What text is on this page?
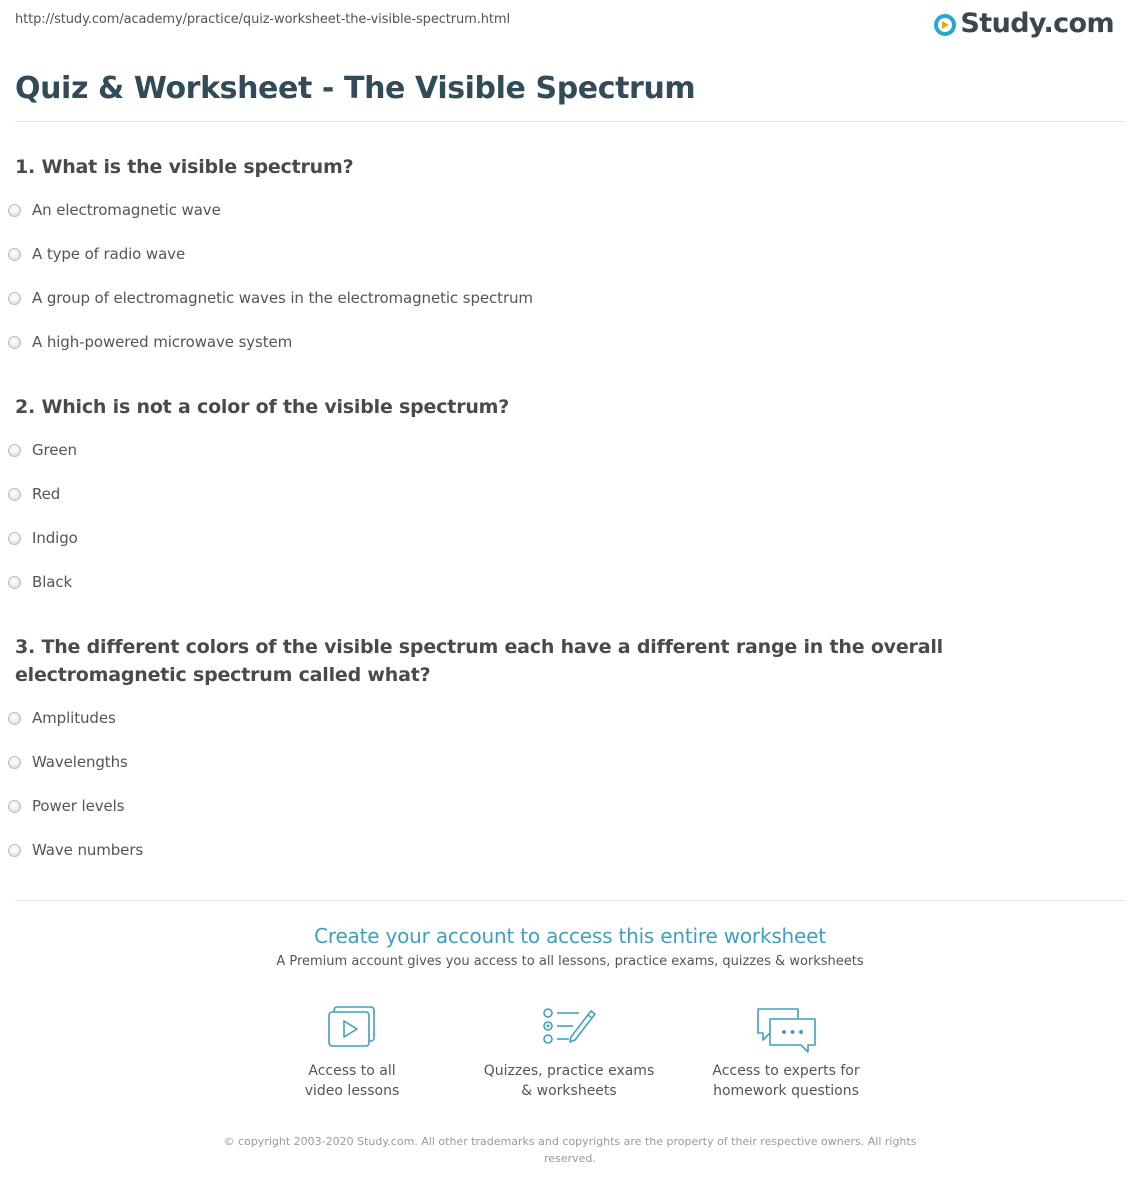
http://study.com/academy/practice/quiz-worksheet-the-visible-spectrum.html	Study.com
Quiz & Worksheet - The Visible Spectrum
1. What is the visible spectrum?
An electromagnetic wave
A type of radio wave
A group of electromagnetic waves in the electromagnetic spectrum
A high-powered microwave system
2. Which is not a color of the visible spectrum?
Green
Red
Indigo
Black
3. The different colors of the visible spectrum each have a different range in the overall electromagnetic spectrum called what?
Amplitudes
Wavelengths
Power levels
Wave numbers
Create your account to access this entire worksheet
A Premium account gives you access to all lessons, practice exams, quizzes & worksheets
Access to all
video lessons
Quizzes, practice exams
& worksheets
Access to experts for
homework questions
© copyright 2003-2020 Study.com. All other trademarks and copyrights are the property of their respective owners. All rights
reserved.
